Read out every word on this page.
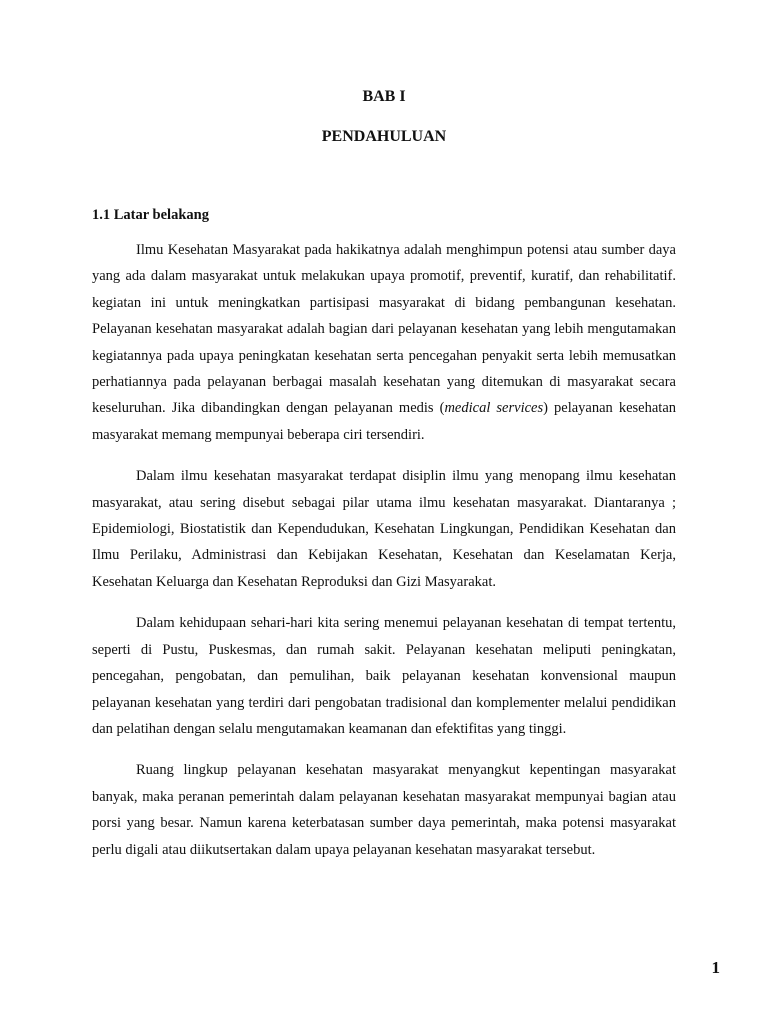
BAB I
PENDAHULUAN
1.1 Latar belakang

Ilmu Kesehatan Masyarakat pada hakikatnya adalah menghimpun potensi atau sumber daya yang ada dalam masyarakat untuk melakukan upaya promotif, preventif, kuratif, dan rehabilitatif. kegiatan ini untuk meningkatkan partisipasi masyarakat di bidang pembangunan kesehatan. Pelayanan kesehatan masyarakat adalah bagian dari pelayanan kesehatan yang lebih mengutamakan kegiatannya pada upaya peningkatan kesehatan serta pencegahan penyakit serta lebih memusatkan perhatiannya pada pelayanan berbagai masalah kesehatan yang ditemukan di masyarakat secara keseluruhan. Jika dibandingkan dengan pelayanan medis (medical services) pelayanan kesehatan masyarakat memang mempunyai beberapa ciri tersendiri.

Dalam ilmu kesehatan masyarakat terdapat disiplin ilmu yang menopang ilmu kesehatan masyarakat, atau sering disebut sebagai pilar utama ilmu kesehatan masyarakat. Diantaranya ; Epidemiologi, Biostatistik dan Kependudukan, Kesehatan Lingkungan, Pendidikan Kesehatan dan Ilmu Perilaku, Administrasi dan Kebijakan Kesehatan, Kesehatan dan Keselamatan Kerja, Kesehatan Keluarga dan Kesehatan Reproduksi dan Gizi Masyarakat.

Dalam kehidupaan sehari-hari kita sering menemui pelayanan kesehatan di tempat tertentu, seperti di Pustu, Puskesmas, dan rumah sakit. Pelayanan kesehatan meliputi peningkatan, pencegahan, pengobatan, dan pemulihan, baik pelayanan kesehatan konvensional maupun pelayanan kesehatan yang terdiri dari pengobatan tradisional dan komplementer melalui pendidikan dan pelatihan dengan selalu mengutamakan keamanan dan efektifitas yang tinggi.

Ruang lingkup pelayanan kesehatan masyarakat menyangkut kepentingan masyarakat banyak, maka peranan pemerintah dalam pelayanan kesehatan masyarakat mempunyai bagian atau porsi yang besar. Namun karena keterbatasan sumber daya pemerintah, maka potensi masyarakat perlu digali atau diikutsertakan dalam upaya pelayanan kesehatan masyarakat tersebut.

1
